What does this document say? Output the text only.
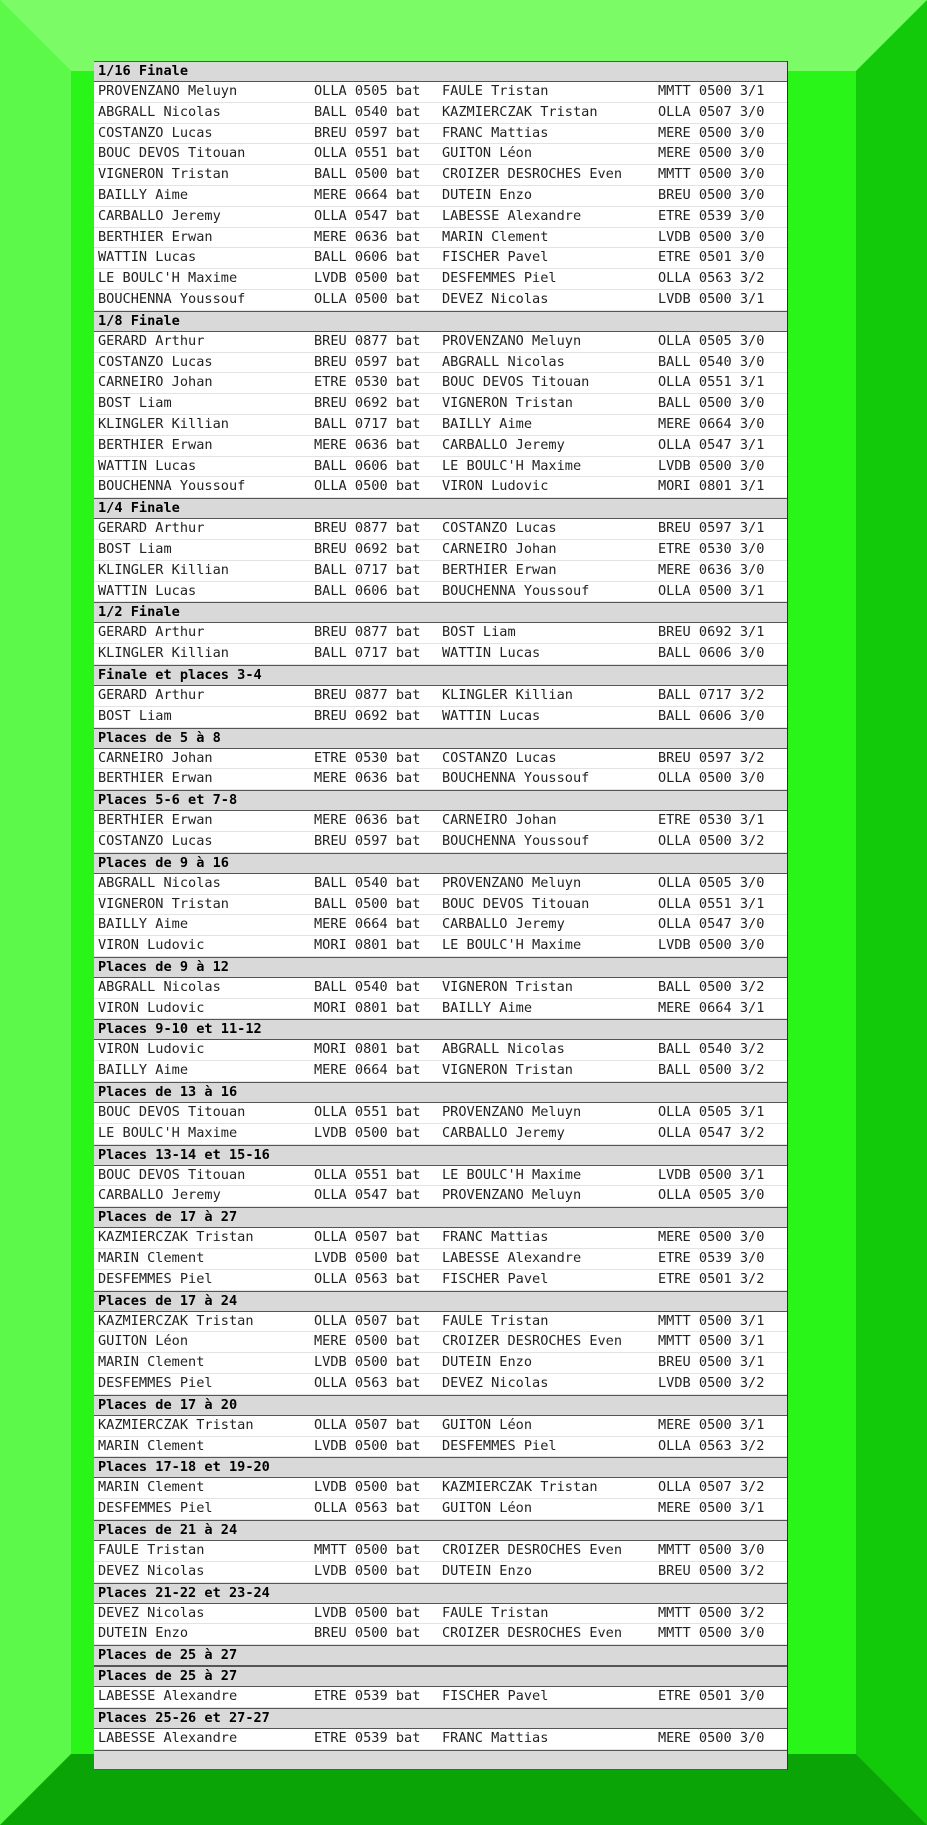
1/16 Finale
PROVENZANO Meluyn	OLLA 0505 bat FAULE Tristan	MMTT 0500 3/1
ABGRALL Nicolas	BALL 0540 bat KAZMIERCZAK Tristan	OLLA 0507 3/0
COSTANZO Lucas	BREU 0597 bat FRANC Mattias	MERE 0500 3/0
BOUC DEVOS Titouan	OLLA 0551 bat GUITON Léon	MERE 0500 3/0
VIGNERON Tristan	BALL 0500 bat CROIZER DESROCHES Even	MMTT 0500 3/0
BAILLY Aime	MERE 0664 bat DUTEIN Enzo	BREU 0500 3/0
CARBALLO Jeremy	OLLA 0547 bat LABESSE Alexandre	ETRE 0539 3/0
BERTHIER Erwan	MERE 0636 bat MARIN Clement	LVDB 0500 3/0
WATTIN Lucas	BALL 0606 bat FISCHER Pavel	ETRE 0501 3/0
LE BOULC'H Maxime	LVDB 0500 bat DESFEMMES Piel	OLLA 0563 3/2
BOUCHENNA Youssouf	OLLA 0500 bat DEVEZ Nicolas	LVDB 0500 3/1
1/8 Finale
GERARD Arthur	BREU 0877 bat PROVENZANO Meluyn	OLLA 0505 3/0
COSTANZO Lucas	BREU 0597 bat ABGRALL Nicolas	BALL 0540 3/0
CARNEIRO Johan	ETRE 0530 bat BOUC DEVOS Titouan	OLLA 0551 3/1
BOST Liam	BREU 0692 bat VIGNERON Tristan	BALL 0500 3/0
KLINGLER Killian	BALL 0717 bat BAILLY Aime	MERE 0664 3/0
BERTHIER Erwan	MERE 0636 bat CARBALLO Jeremy	OLLA 0547 3/1
WATTIN Lucas	BALL 0606 bat LE BOULC'H Maxime	LVDB 0500 3/0
BOUCHENNA Youssouf	OLLA 0500 bat VIRON Ludovic	MORI 0801 3/1
1/4 Finale
GERARD Arthur	BREU 0877 bat COSTANZO Lucas	BREU 0597 3/1
BOST Liam	BREU 0692 bat CARNEIRO Johan	ETRE 0530 3/0
KLINGLER Killian	BALL 0717 bat BERTHIER Erwan	MERE 0636 3/0
WATTIN Lucas	BALL 0606 bat BOUCHENNA Youssouf	OLLA 0500 3/1
1/2 Finale
GERARD Arthur	BREU 0877 bat BOST Liam	BREU 0692 3/1
KLINGLER Killian	BALL 0717 bat WATTIN Lucas	BALL 0606 3/0
Finale et places 3-4
GERARD Arthur	BREU 0877 bat KLINGLER Killian	BALL 0717 3/2
BOST Liam	BREU 0692 bat WATTIN Lucas	BALL 0606 3/0
Places de 5 à 8
CARNEIRO Johan	ETRE 0530 bat COSTANZO Lucas	BREU 0597 3/2
BERTHIER Erwan	MERE 0636 bat BOUCHENNA Youssouf	OLLA 0500 3/0
Places 5-6 et 7-8
BERTHIER Erwan	MERE 0636 bat CARNEIRO Johan	ETRE 0530 3/1
COSTANZO Lucas	BREU 0597 bat BOUCHENNA Youssouf	OLLA 0500 3/2
Places de 9 à 16
ABGRALL Nicolas	BALL 0540 bat PROVENZANO Meluyn	OLLA 0505 3/0
VIGNERON Tristan	BALL 0500 bat BOUC DEVOS Titouan	OLLA 0551 3/1
BAILLY Aime	MERE 0664 bat CARBALLO Jeremy	OLLA 0547 3/0
VIRON Ludovic	MORI 0801 bat LE BOULC'H Maxime	LVDB 0500 3/0
Places de 9 à 12
ABGRALL Nicolas	BALL 0540 bat VIGNERON Tristan	BALL 0500 3/2
VIRON Ludovic	MORI 0801 bat BAILLY Aime	MERE 0664 3/1
Places 9-10 et 11-12
VIRON Ludovic	MORI 0801 bat ABGRALL Nicolas	BALL 0540 3/2
BAILLY Aime	MERE 0664 bat VIGNERON Tristan	BALL 0500 3/2
Places de 13 à 16
BOUC DEVOS Titouan	OLLA 0551 bat PROVENZANO Meluyn	OLLA 0505 3/1
LE BOULC'H Maxime	LVDB 0500 bat CARBALLO Jeremy	OLLA 0547 3/2
Places 13-14 et 15-16
BOUC DEVOS Titouan	OLLA 0551 bat LE BOULC'H Maxime	LVDB 0500 3/1
CARBALLO Jeremy	OLLA 0547 bat PROVENZANO Meluyn	OLLA 0505 3/0
Places de 17 à 27
KAZMIERCZAK Tristan	OLLA 0507 bat FRANC Mattias	MERE 0500 3/0
MARIN Clement	LVDB 0500 bat LABESSE Alexandre	ETRE 0539 3/0
DESFEMMES Piel	OLLA 0563 bat FISCHER Pavel	ETRE 0501 3/2
Places de 17 à 24
KAZMIERCZAK Tristan	OLLA 0507 bat FAULE Tristan	MMTT 0500 3/1
GUITON Léon	MERE 0500 bat CROIZER DESROCHES Even	MMTT 0500 3/1
MARIN Clement	LVDB 0500 bat DUTEIN Enzo	BREU 0500 3/1
DESFEMMES Piel	OLLA 0563 bat DEVEZ Nicolas	LVDB 0500 3/2
Places de 17 à 20
KAZMIERCZAK Tristan	OLLA 0507 bat GUITON Léon	MERE 0500 3/1
MARIN Clement	LVDB 0500 bat DESFEMMES Piel	OLLA 0563 3/2
Places 17-18 et 19-20
MARIN Clement	LVDB 0500 bat KAZMIERCZAK Tristan	OLLA 0507 3/2
DESFEMMES Piel	OLLA 0563 bat GUITON Léon	MERE 0500 3/1
Places de 21 à 24
FAULE Tristan	MMTT 0500 bat CROIZER DESROCHES Even	MMTT 0500 3/0
DEVEZ Nicolas	LVDB 0500 bat DUTEIN Enzo	BREU 0500 3/2
Places 21-22 et 23-24
DEVEZ Nicolas	LVDB 0500 bat FAULE Tristan	MMTT 0500 3/2
DUTEIN Enzo	BREU 0500 bat CROIZER DESROCHES Even	MMTT 0500 3/0
Places de 25 à 27
Places de 25 à 27
LABESSE Alexandre	ETRE 0539 bat FISCHER Pavel	ETRE 0501 3/0
Places 25-26 et 27-27
LABESSE Alexandre	ETRE 0539 bat FRANC Mattias	MERE 0500 3/0
